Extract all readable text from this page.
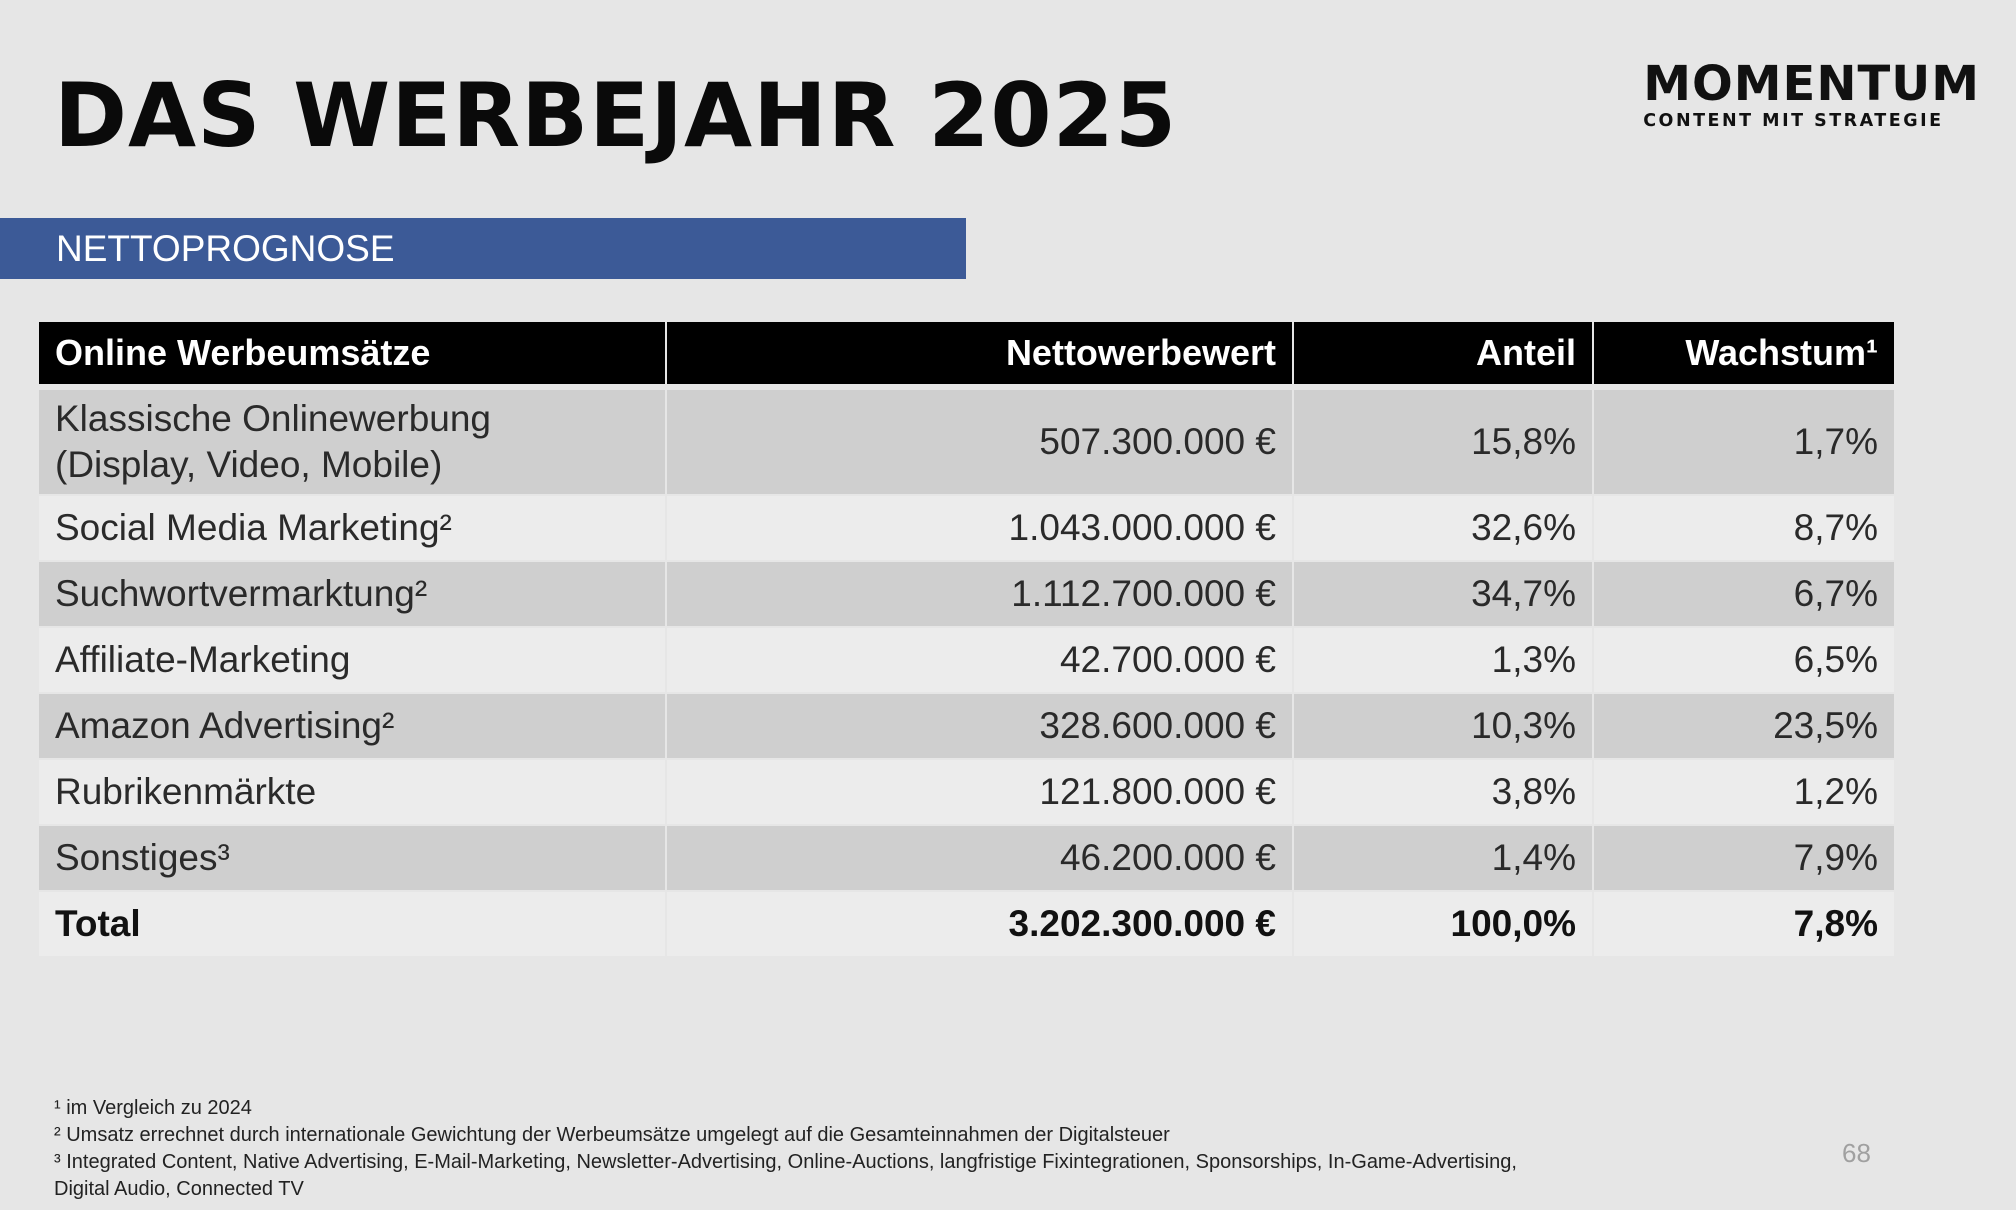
DAS WERBEJAHR 2025	MOMENTUM
CONTENT MIT STRATEGIE
NETTOPROGNOSE
Online Werbeumsätze	Nettowerbewert	Anteil	Wachstum¹
Klassische Onlinewerbung
(Display, Video, Mobile)	507.300.000 €	15,8%	1,7%
Social Media Marketing²	1.043.000.000 €	32,6%	8,7%
Suchwortvermarktung²	1.112.700.000 €	34,7%	6,7%
Affiliate-Marketing	42.700.000 €	1,3%	6,5%
Amazon Advertising²	328.600.000 €	10,3%	23,5%
Rubrikenmärkte	121.800.000 €	3,8%	1,2%
Sonstiges³	46.200.000 €	1,4%	7,9%
Total	3.202.300.000 €	100,0%	7,8%
¹ im Vergleich zu 2024
² Umsatz errechnet durch internationale Gewichtung der Werbeumsätze umgelegt auf die Gesamteinnahmen der Digitalsteuer
³ Integrated Content, Native Advertising, E-Mail-Marketing, Newsletter-Advertising, Online-Auctions, langfristige Fixintegrationen, Sponsorships, In-Game-Advertising,
Digital Audio, Connected TV
68
